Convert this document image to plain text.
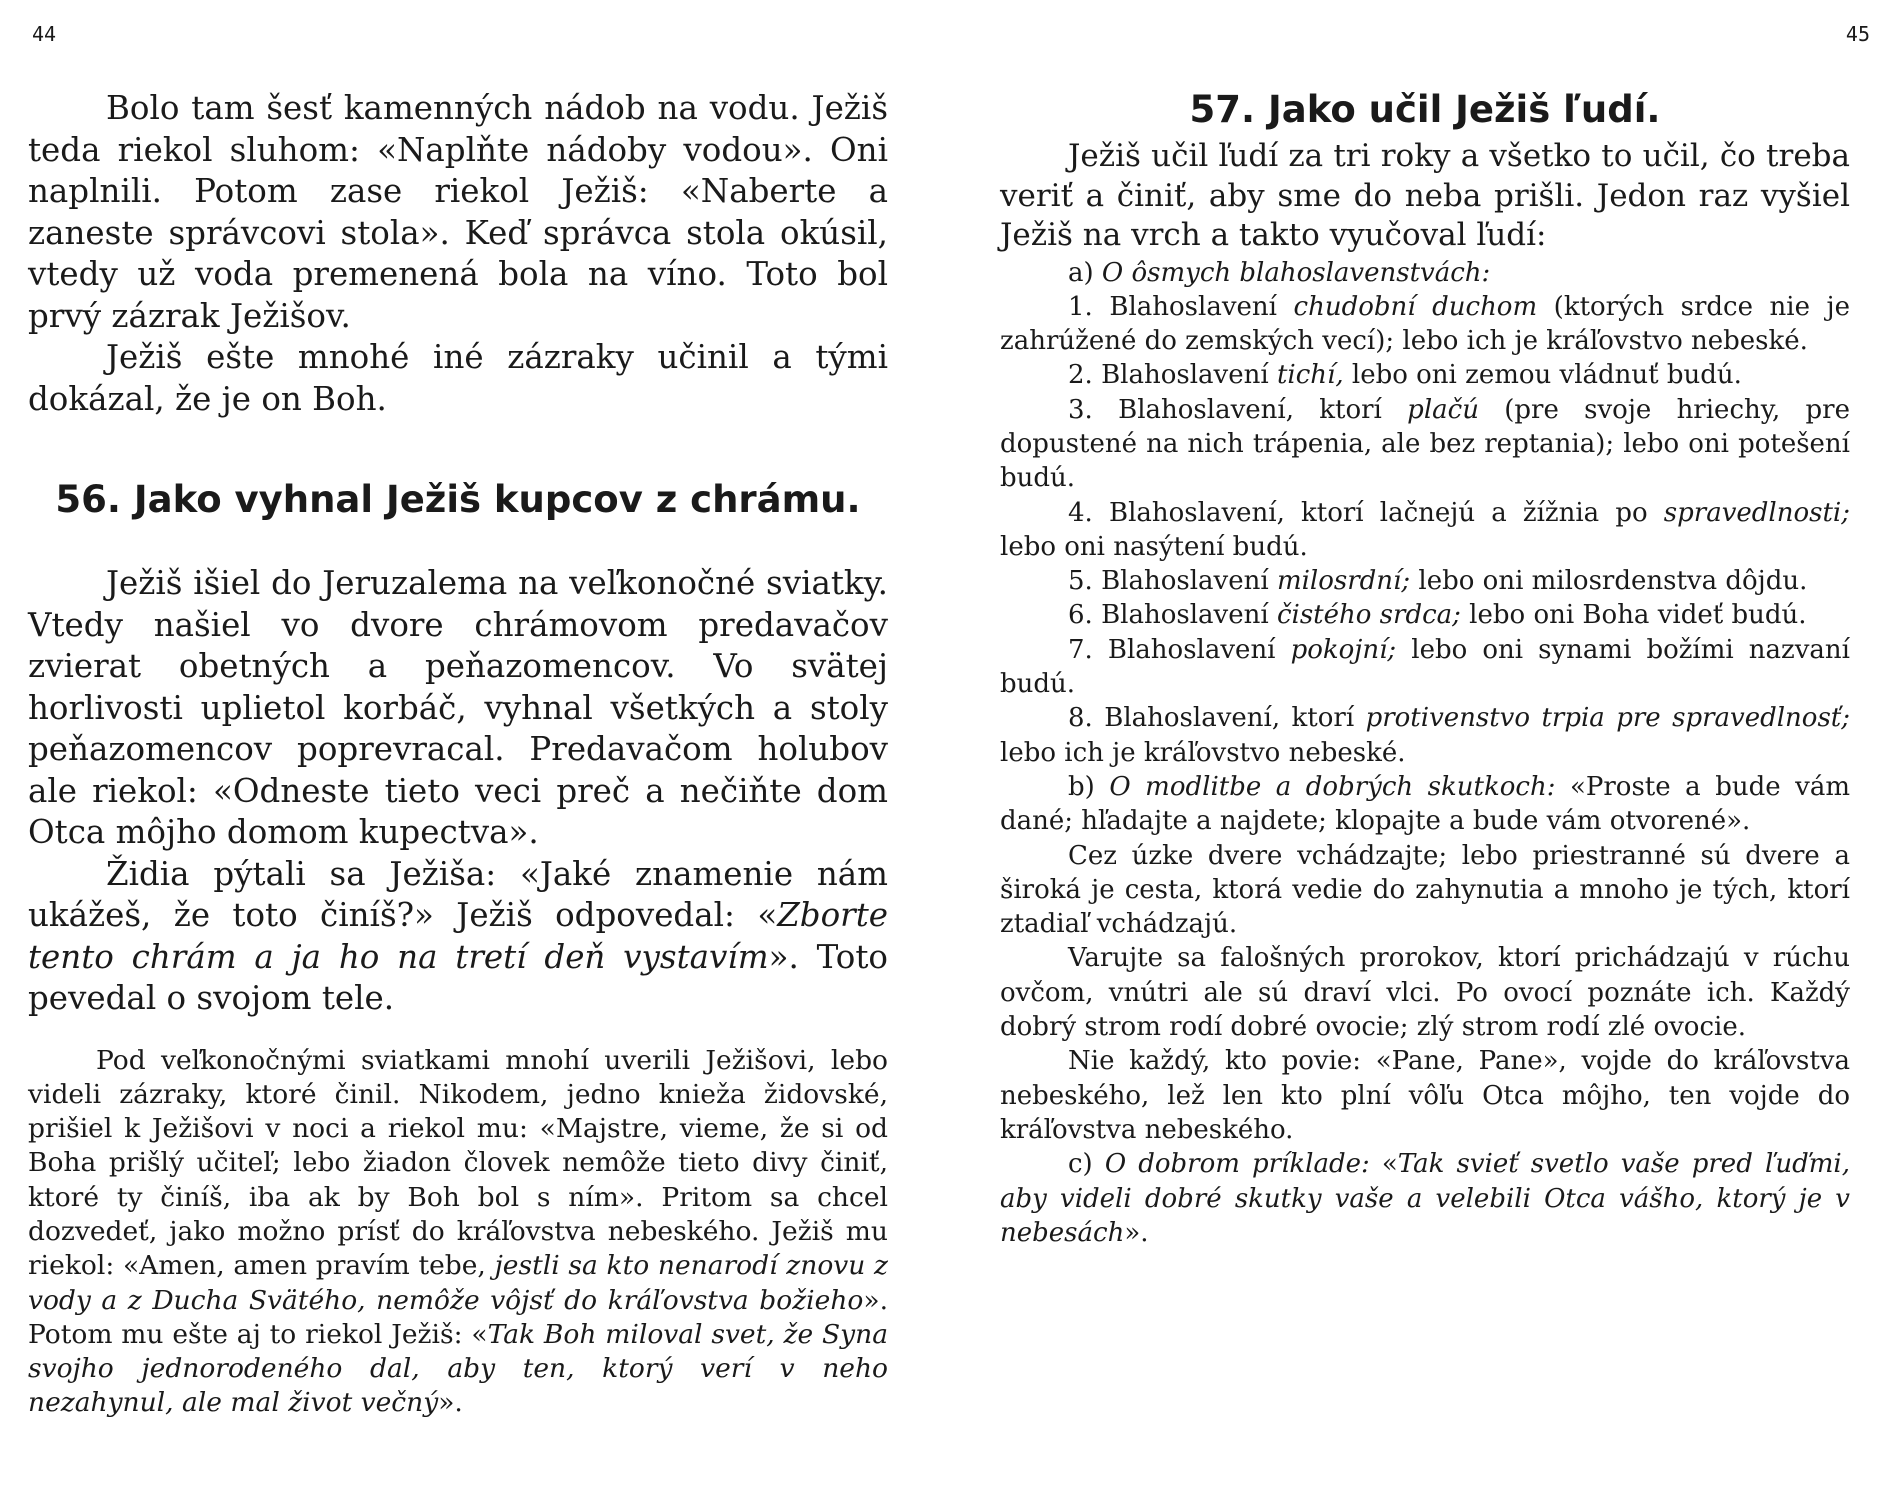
44

Bolo tam šesť kamenných nádob na vodu. Ježiš teda riekol sluhom: «Naplňte nádoby vodou». Oni naplnili. Potom zase riekol Ježiš: «Naberte a zaneste správcovi stola». Keď správca stola okúsil, vtedy už voda premenená bola na víno. Toto bol prvý zázrak Ježišov.

Ježiš ešte mnohé iné zázraky učinil a tými dokázal, že je on Boh.

56. Jako vyhnal Ježiš kupcov z chrámu.

Ježiš išiel do Jeruzalema na veľkonočné sviatky. Vtedy našiel vo dvore chrámovom predavačov zvierat obetných a peňazomencov. Vo svätej horlivosti uplietol korbáč, vyhnal všetkých a stoly peňazomencov poprevracal. Predavačom holubov ale riekol: «Odneste tieto veci preč a nečiňte dom Otca môjho domom kupectva».

Židia pýtali sa Ježiša: «Jaké znamenie nám ukážeš, že toto činíš?» Ježiš odpovedal: «Zborte tento chrám a ja ho na tretí deň vystavím». Toto pevedal o svojom tele.

Pod veľkonočnými sviatkami mnohí uverili Ježišovi, lebo videli zázraky, ktoré činil. Nikodem, jedno knieža židovské, prišiel k Ježišovi v noci a riekol mu: «Majstre, vieme, že si od Boha prišlý učiteľ; lebo žiadon človek nemôže tieto divy činiť, ktoré ty činíš, iba ak by Boh bol s ním». Pritom sa chcel dozvedeť, jako možno prísť do kráľovstva nebeského. Ježiš mu riekol: «Amen, amen pravím tebe, jestli sa kto nenarodí znovu z vody a z Ducha Svätého, nemôže vôjsť do kráľovstva božieho». Potom mu ešte aj to riekol Ježiš: «Tak Boh miloval svet, že Syna svojho jednorodeného dal, aby ten, ktorý verí v neho nezahynul, ale mal život večný».

45
57. Jako učil Ježiš ľudí.

Ježiš učil ľudí za tri roky a všetko to učil, čo treba veriť a činiť, aby sme do neba prišli. Jedon raz vyšiel Ježiš na vrch a takto vyučoval ľudí:

a) O ôsmych blahoslavenstvách:

1. Blahoslavení chudobní duchom (ktorých srdce nie je zahrúžené do zemských vecí); lebo ich je kráľovstvo nebeské.

2. Blahoslavení tichí, lebo oni zemou vládnuť budú.

3. Blahoslavení, ktorí plačú (pre svoje hriechy, pre dopustené na nich trápenia, ale bez reptania); lebo oni potešení budú.

4. Blahoslavení, ktorí lačnejú a žížnia po spravedlnosti; lebo oni nasýtení budú.

5. Blahoslavení milosrdní; lebo oni milosrdenstva dôjdu.

6. Blahoslavení čistého srdca; lebo oni Boha videť budú.

7. Blahoslavení pokojní; lebo oni synami božími nazvaní budú.

8. Blahoslavení, ktorí protivenstvo trpia pre spravedlnosť; lebo ich je kráľovstvo nebeské.

b) O modlitbe a dobrých skutkoch: «Proste a bude vám dané; hľadajte a najdete; klopajte a bude vám otvorené».

Cez úzke dvere vchádzajte; lebo priestranné sú dvere a široká je cesta, ktorá vedie do zahynutia a mnoho je tých, ktorí ztadiaľ vchádzajú.

Varujte sa falošných prorokov, ktorí prichádzajú v rúchu ovčom, vnútri ale sú draví vlci. Po ovocí poznáte ich. Každý dobrý strom rodí dobré ovocie; zlý strom rodí zlé ovocie.

Nie každý, kto povie: «Pane, Pane», vojde do kráľovstva nebeského, lež len kto plní vôľu Otca môjho, ten vojde do kráľovstva nebeského.

c) O dobrom príklade: «Tak svieť svetlo vaše pred ľuďmi, aby videli dobré skutky vaše a velebili Otca vášho, ktorý je v nebesách».
